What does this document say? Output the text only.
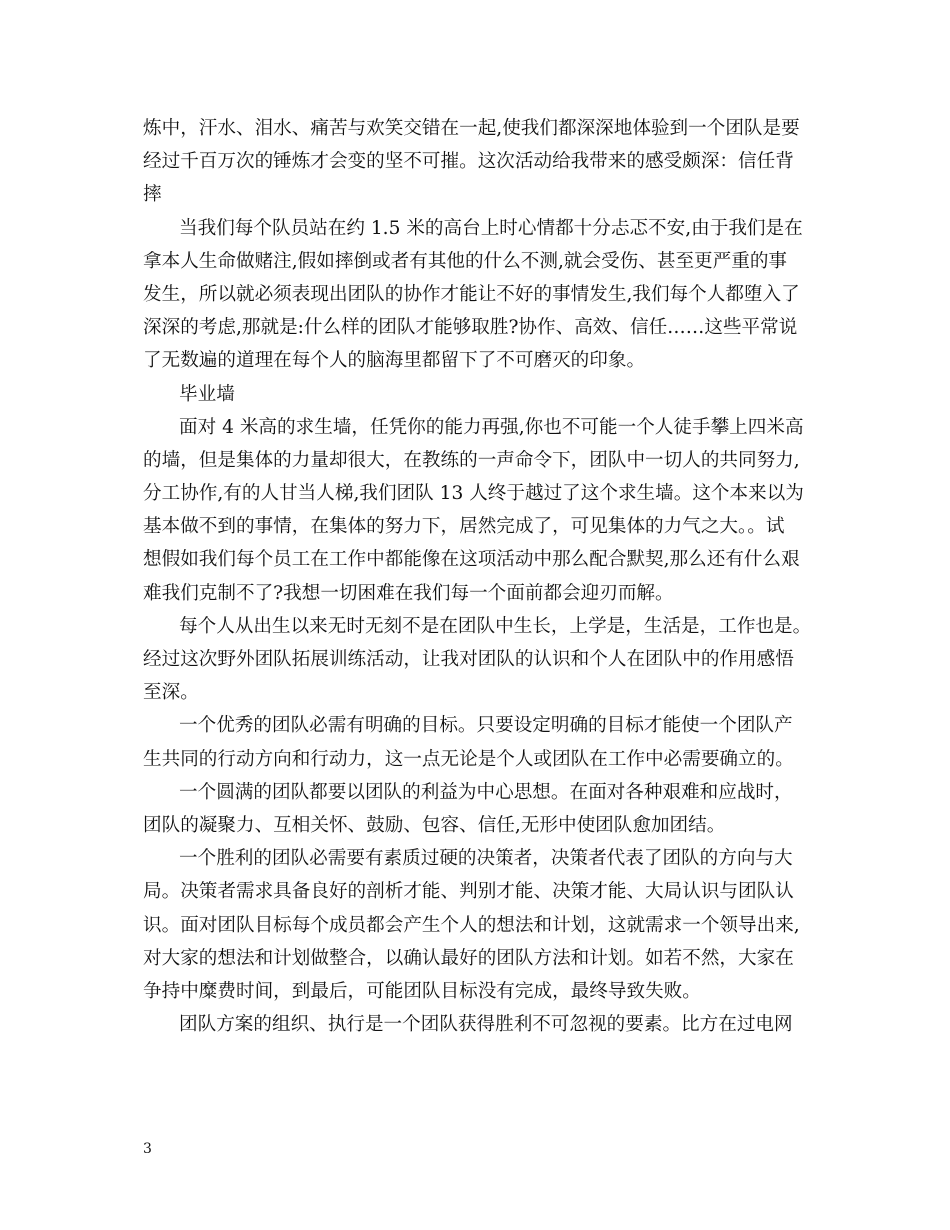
炼中，汗水、泪水、痛苦与欢笑交错在一起,使我们都深深地体验到一个团队是要
经过千百万次的锤炼才会变的坚不可摧。这次活动给我带来的感受颇深：信任背
摔
当我们每个队员站在约 1.5 米的高台上时心情都十分忐忑不安,由于我们是在
拿本人生命做赌注,假如摔倒或者有其他的什么不测,就会受伤、甚至更严重的事
发生，所以就必须表现出团队的协作才能让不好的事情发生,我们每个人都堕入了
深深的考虑,那就是:什么样的团队才能够取胜?协作、高效、信任……这些平常说
了无数遍的道理在每个人的脑海里都留下了不可磨灭的印象。
毕业墙
面对 4 米高的求生墙，任凭你的能力再强,你也不可能一个人徒手攀上四米高
的墙，但是集体的力量却很大，在教练的一声命令下，团队中一切人的共同努力,
分工协作,有的人甘当人梯,我们团队 13 人终于越过了这个求生墙。这个本来以为
基本做不到的事情，在集体的努力下，居然完成了，可见集体的力气之大。。试
想假如我们每个员工在工作中都能像在这项活动中那么配合默契,那么还有什么艰
难我们克制不了?我想一切困难在我们每一个面前都会迎刃而解。
每个人从出生以来无时无刻不是在团队中生长，上学是，生活是，工作也是。
经过这次野外团队拓展训练活动，让我对团队的认识和个人在团队中的作用感悟
至深。
一个优秀的团队必需有明确的目标。只要设定明确的目标才能使一个团队产
生共同的行动方向和行动力，这一点无论是个人或团队在工作中必需要确立的。
一个圆满的团队都要以团队的利益为中心思想。在面对各种艰难和应战时，
团队的凝聚力、互相关怀、鼓励、包容、信任,无形中使团队愈加团结。
一个胜利的团队必需要有素质过硬的决策者，决策者代表了团队的方向与大
局。决策者需求具备良好的剖析才能、判别才能、决策才能、大局认识与团队认
识。面对团队目标每个成员都会产生个人的想法和计划，这就需求一个领导出来,
对大家的想法和计划做整合，以确认最好的团队方法和计划。如若不然，大家在
争持中糜费时间，到最后，可能团队目标没有完成，最终导致失败。
团队方案的组织、执行是一个团队获得胜利不可忽视的要素。比方在过电网
3
